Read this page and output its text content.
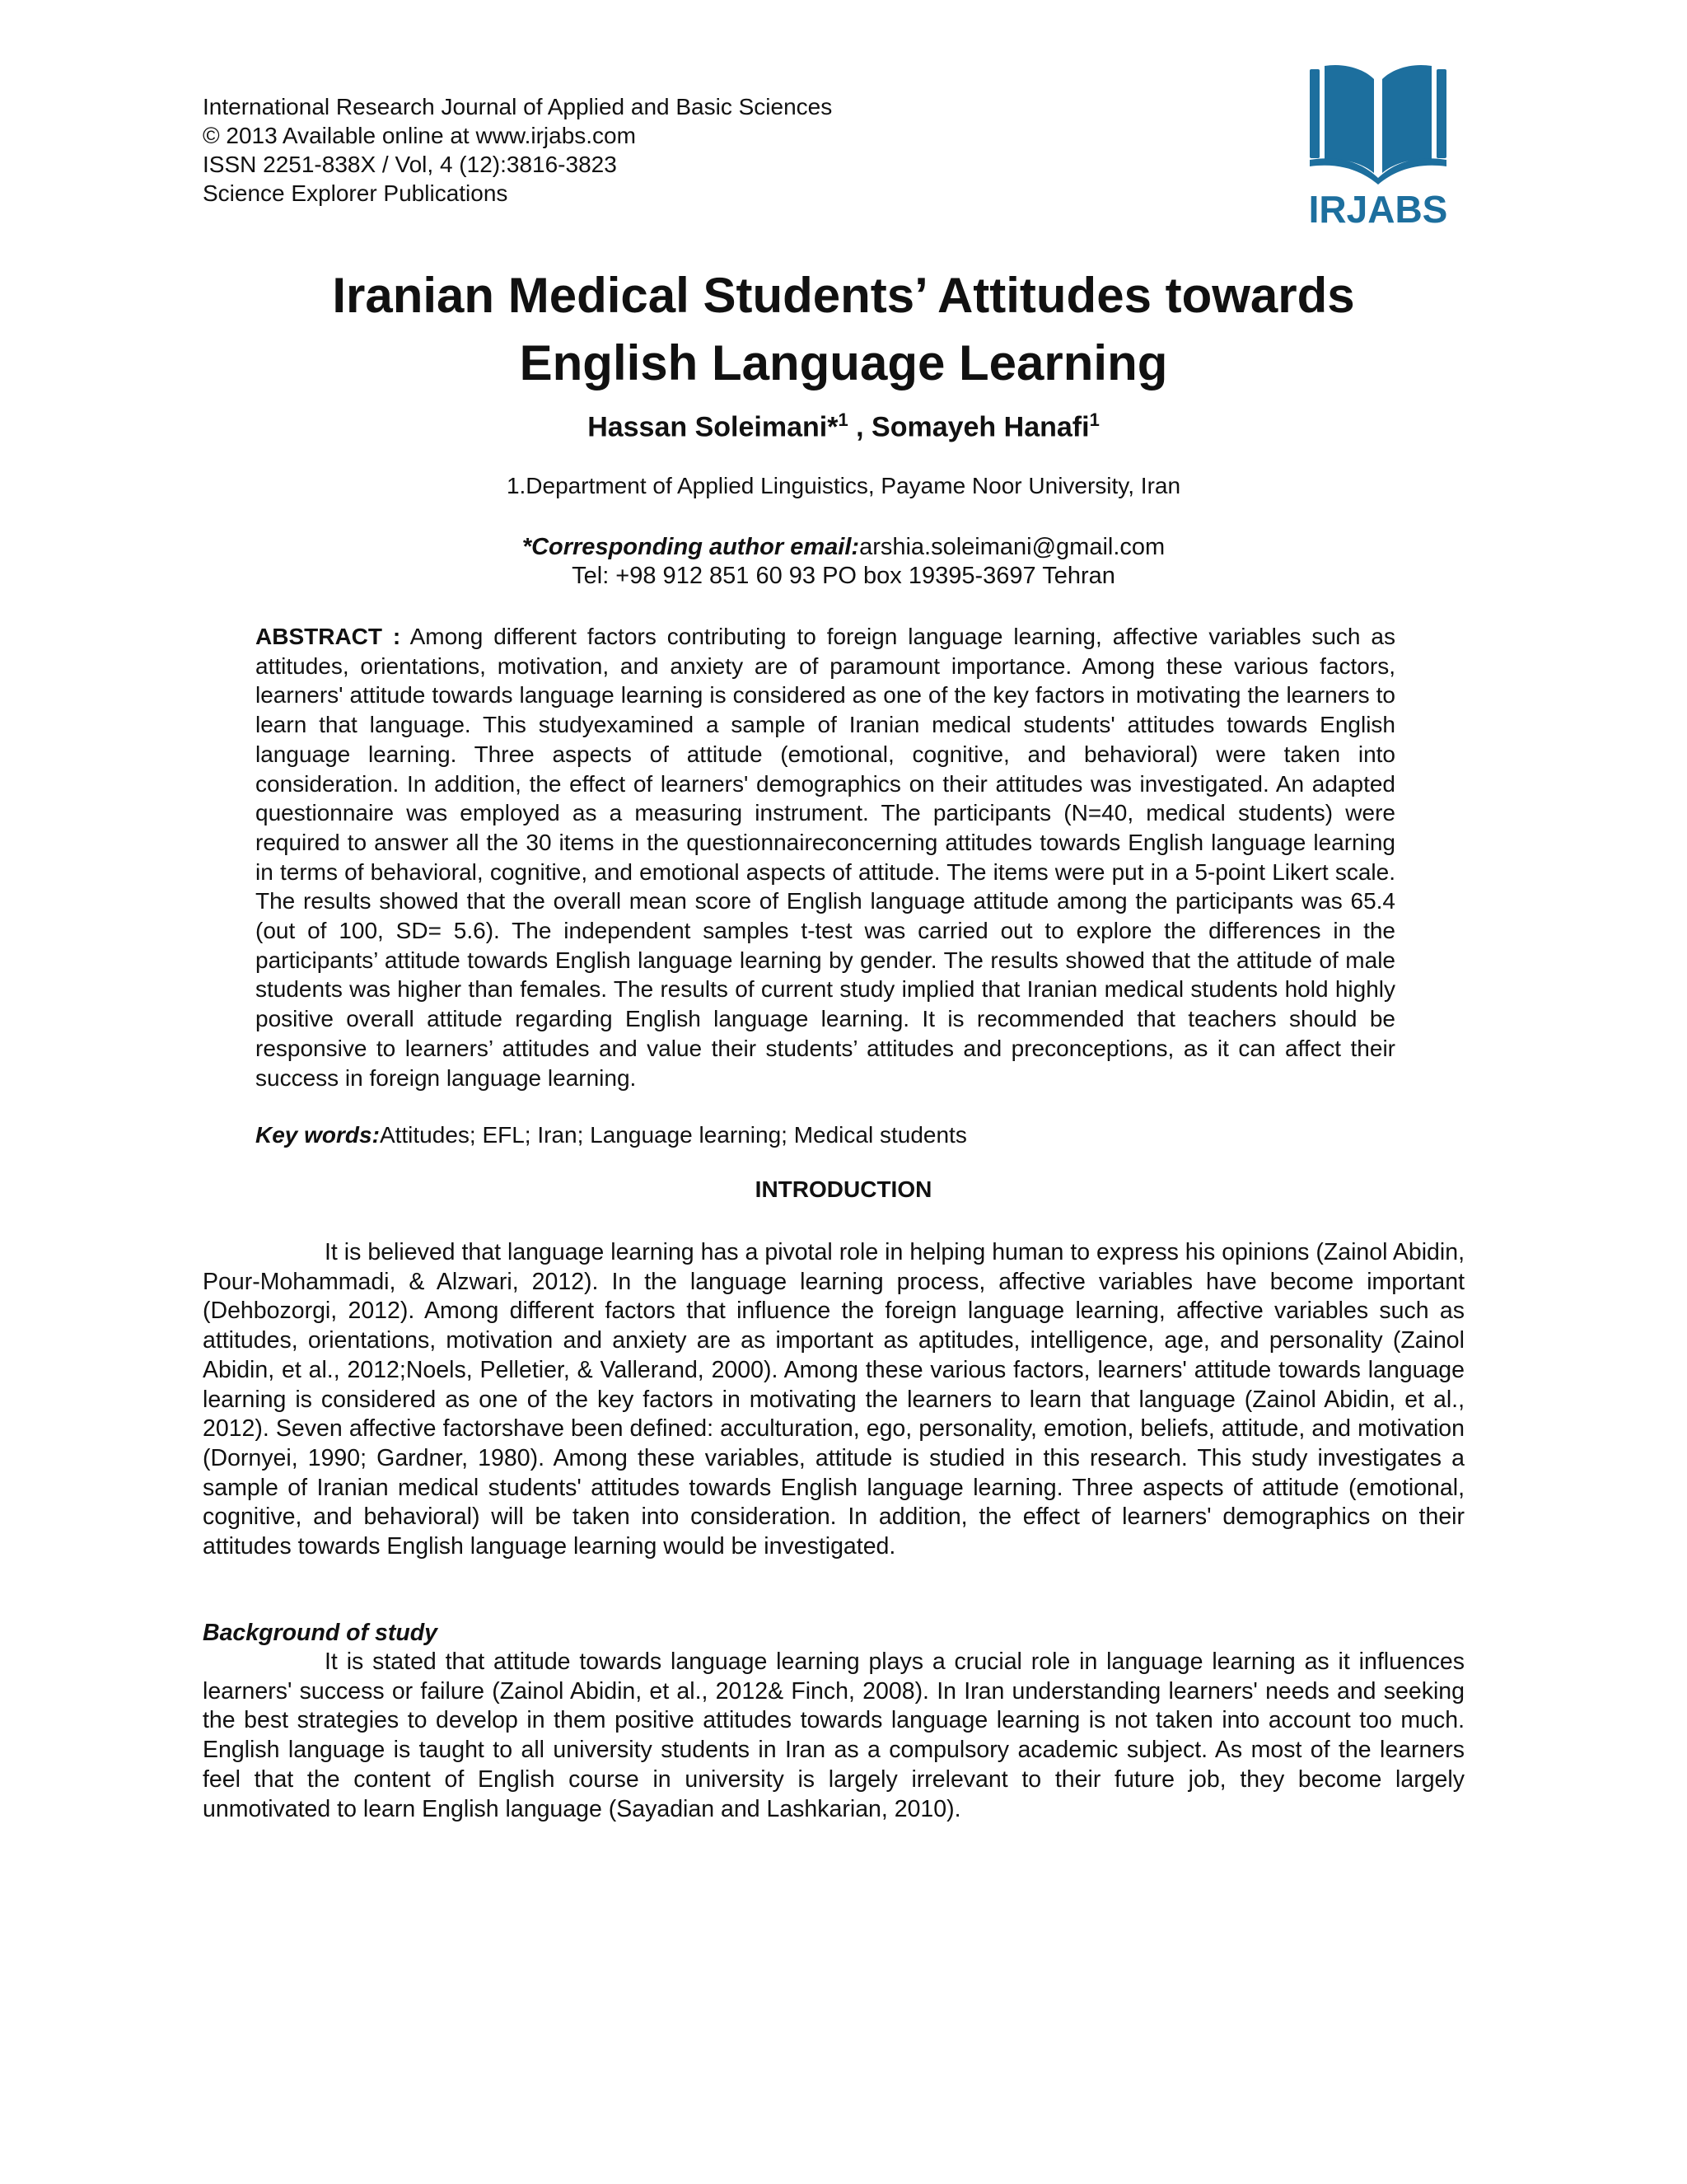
International Research Journal of Applied and Basic Sciences
© 2013 Available online at www.irjabs.com
ISSN 2251-838X / Vol, 4 (12):3816-3823
Science Explorer Publications	IRJABS
Iranian Medical Students’ Attitudes towards
English Language Learning
Hassan Soleimani*$^1$ , Somayeh Hanafi$^1$
1.Department of Applied Linguistics, Payame Noor University, Iran
*Corresponding author email:arshia.soleimani@gmail.com
Tel: +98 912 851 60 93 PO box 19395-3697 Tehran

ABSTRACT : Among different factors contributing to foreign language learning, affective variables such as attitudes, orientations, motivation, and anxiety are of paramount importance. Among these various factors, learners' attitude towards language learning is considered as one of the key factors in motivating the learners to learn that language. This studyexamined a sample of Iranian medical students' attitudes towards English language learning. Three aspects of attitude (emotional, cognitive, and behavioral) were taken into consideration. In addition, the effect of learners' demographics on their attitudes was investigated. An adapted questionnaire was employed as a measuring instrument. The participants (N=40, medical students) were required to answer all the 30 items in the questionnaireconcerning attitudes towards English language learning in terms of behavioral, cognitive, and emotional aspects of attitude. The items were put in a 5-point Likert scale. The results showed that the overall mean score of English language attitude among the participants was 65.4 (out of 100, SD= 5.6). The independent samples t-test was carried out to explore the differences in the participants’ attitude towards English language learning by gender. The results showed that the attitude of male students was higher than females. The results of current study implied that Iranian medical students hold highly positive overall attitude regarding English language learning. It is recommended that teachers should be responsive to learners’ attitudes and value their students’ attitudes and preconceptions, as it can affect their success in foreign language learning.

Key words:Attitudes; EFL; Iran; Language learning; Medical students
INTRODUCTION

It is believed that language learning has a pivotal role in helping human to express his opinions (Zainol Abidin, Pour-Mohammadi, & Alzwari, 2012). In the language learning process, affective variables have become important (Dehbozorgi, 2012). Among different factors that influence the foreign language learning, affective variables such as attitudes, orientations, motivation and anxiety are as important as aptitudes, intelligence, age, and personality (Zainol Abidin, et al., 2012;Noels, Pelletier, & Vallerand, 2000). Among these various factors, learners' attitude towards language learning is considered as one of the key factors in motivating the learners to learn that language (Zainol Abidin, et al., 2012). Seven affective factorshave been defined: acculturation, ego, personality, emotion, beliefs, attitude, and motivation (Dornyei, 1990; Gardner, 1980). Among these variables, attitude is studied in this research. This study investigates a sample of Iranian medical students' attitudes towards English language learning. Three aspects of attitude (emotional, cognitive, and behavioral) will be taken into consideration. In addition, the effect of learners' demographics on their attitudes towards English language learning would be investigated.

Background of study

It is stated that attitude towards language learning plays a crucial role in language learning as it influences learners' success or failure (Zainol Abidin, et al., 2012& Finch, 2008). In Iran understanding learners' needs and seeking the best strategies to develop in them positive attitudes towards language learning is not taken into account too much. English language is taught to all university students in Iran as a compulsory academic subject. As most of the learners feel that the content of English course in university is largely irrelevant to their future job, they become largely unmotivated to learn English language (Sayadian and Lashkarian, 2010).
